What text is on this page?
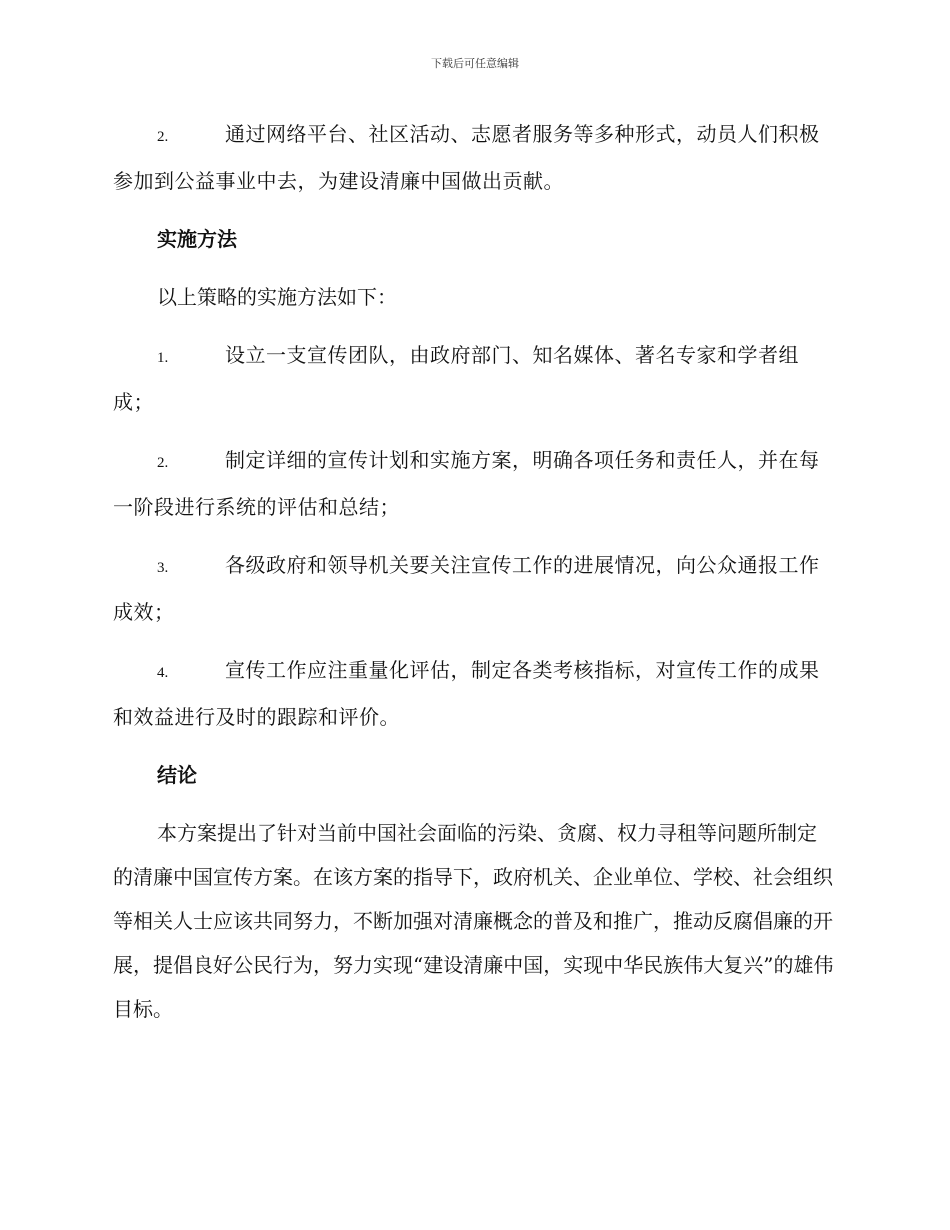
下载后可任意编辑
2.	通过网络平台、社区活动、志愿者服务等多种形式，动员人们积极参加到公益事业中去，为建设清廉中国做出贡献。
实施方法
以上策略的实施方法如下：
1.	设立一支宣传团队，由政府部门、知名媒体、著名专家和学者组成；
2.	制定详细的宣传计划和实施方案，明确各项任务和责任人，并在每一阶段进行系统的评估和总结；
3.	各级政府和领导机关要关注宣传工作的进展情况，向公众通报工作成效；
4.	宣传工作应注重量化评估，制定各类考核指标，对宣传工作的成果和效益进行及时的跟踪和评价。
结论
本方案提出了针对当前中国社会面临的污染、贪腐、权力寻租等问题所制定的清廉中国宣传方案。在该方案的指导下，政府机关、企业单位、学校、社会组织等相关人士应该共同努力，不断加强对清廉概念的普及和推广，推动反腐倡廉的开展，提倡良好公民行为，努力实现“建设清廉中国，实现中华民族伟大复兴”的雄伟目标。
